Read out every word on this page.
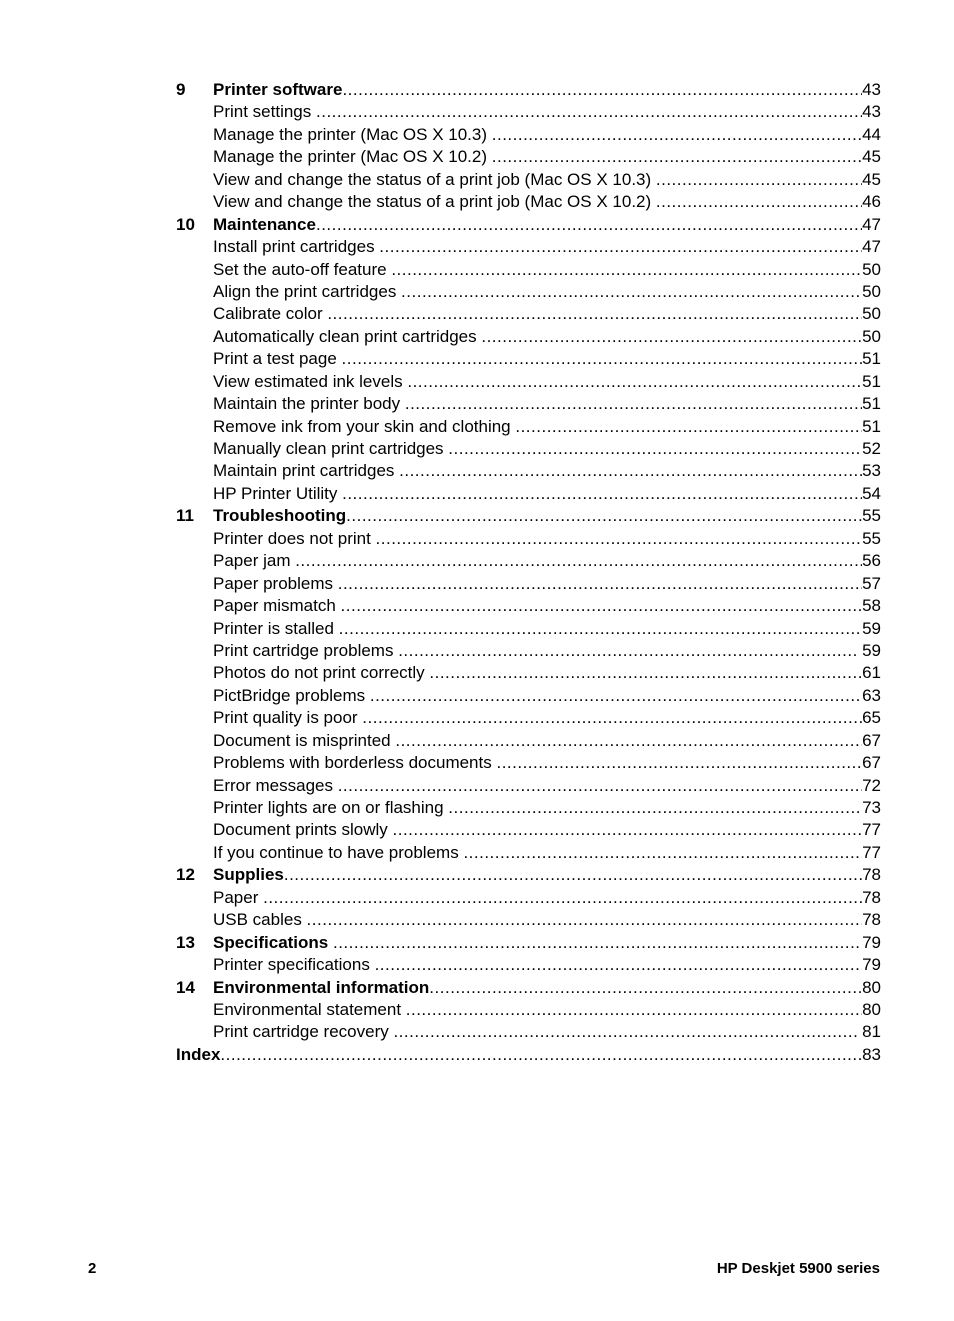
9 Printer software .....	43
Print settings .....	43
Manage the printer (Mac OS X 10.3) .....	44
Manage the printer (Mac OS X 10.2) .....	45
View and change the status of a print job (Mac OS X 10.3) .....	45
View and change the status of a print job (Mac OS X 10.2) .....	46
10 Maintenance .....	47
Install print cartridges .....	47
Set the auto-off feature .....	50
Align the print cartridges .....	50
Calibrate color .....	50
Automatically clean print cartridges .....	50
Print a test page .....	51
View estimated ink levels .....	51
Maintain the printer body .....	51
Remove ink from your skin and clothing .....	51
Manually clean print cartridges .....	52
Maintain print cartridges .....	53
HP Printer Utility .....	54
11 Troubleshooting .....	55
Printer does not print .....	55
Paper jam .....	56
Paper problems .....	57
Paper mismatch .....	58
Printer is stalled .....	59
Print cartridge problems .....	59
Photos do not print correctly .....	61
PictBridge problems .....	63
Print quality is poor .....	65
Document is misprinted .....	67
Problems with borderless documents .....	67
Error messages .....	72
Printer lights are on or flashing .....	73
Document prints slowly .....	77
If you continue to have problems .....	77
12 Supplies .....	78
Paper .....	78
USB cables .....	78
13 Specifications .....	79
Printer specifications .....	79
14 Environmental information .....	80
Environmental statement .....	80
Print cartridge recovery .....	81
Index .....	83
2	HP Deskjet 5900 series
